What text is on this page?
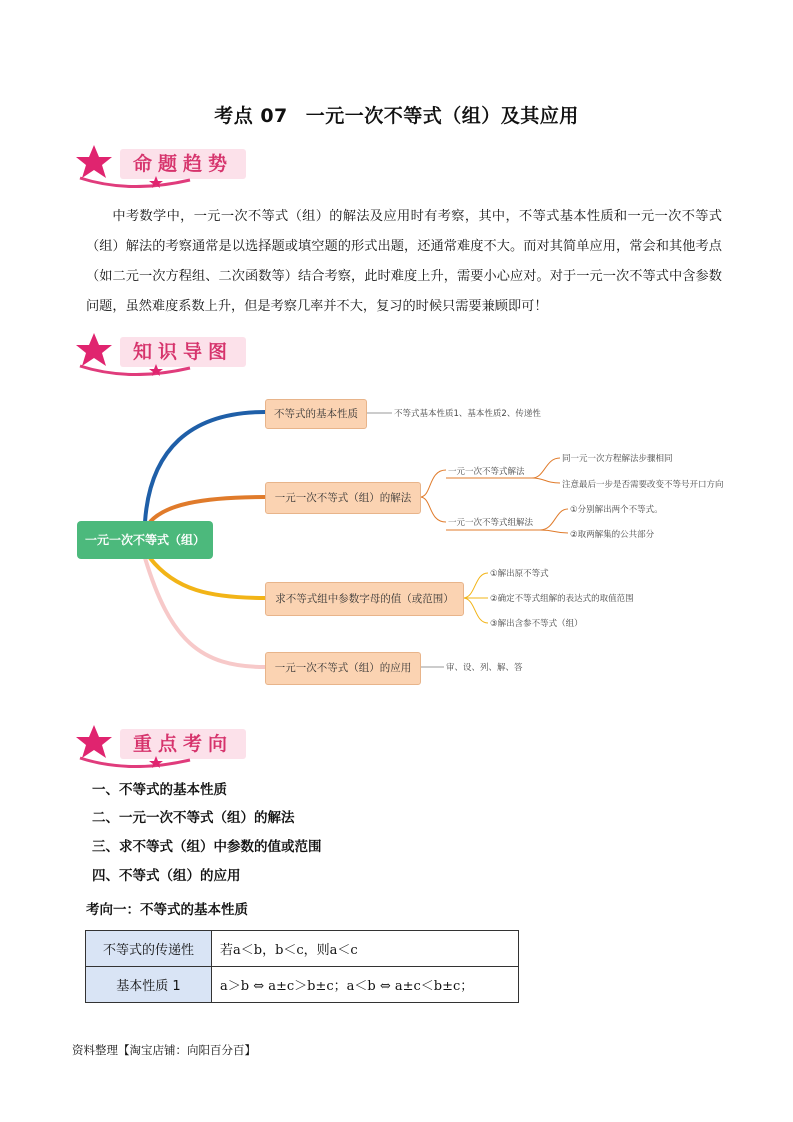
考点 07 一元一次不等式（组）及其应用
命题趋势
中考数学中，一元一次不等式（组）的解法及应用时有考察，其中，不等式基本性质和一元一次不等式（组）解法的考察通常是以选择题或填空题的形式出题，还通常难度不大。而对其简单应用，常会和其他考点（如二元一次方程组、二次函数等）结合考察，此时难度上升，需要小心应对。对于一元一次不等式中含参数问题，虽然难度系数上升，但是考察几率并不大，复习的时候只需要兼顾即可！
知识导图
一元一次不等式（组）
不等式的基本性质	不等式基本性质1、基本性质2、传递性
一元一次不等式（组）的解法
一元一次不等式解法
同一元一次方程解法步骤相同
注意最后一步是否需要改变不等号开口方向
一元一次不等式组解法
①分别解出两个不等式。
②取两解集的公共部分
求不等式组中参数字母的值（或范围）
①解出原不等式
②确定不等式组解的表达式的取值范围
③解出含参不等式（组）
一元一次不等式（组）的应用	审、设、列、解、答
重点考向
一、不等式的基本性质
二、一元一次不等式（组）的解法
三、求不等式（组）中参数的值或范围
四、不等式（组）的应用
考向一：不等式的基本性质
不等式的传递性	若a＜b，b＜c，则a＜c
基本性质 1	a＞b ⇔ a±c＞b±c；a＜b ⇔ a±c＜b±c；
资料整理【淘宝店铺：向阳百分百】
